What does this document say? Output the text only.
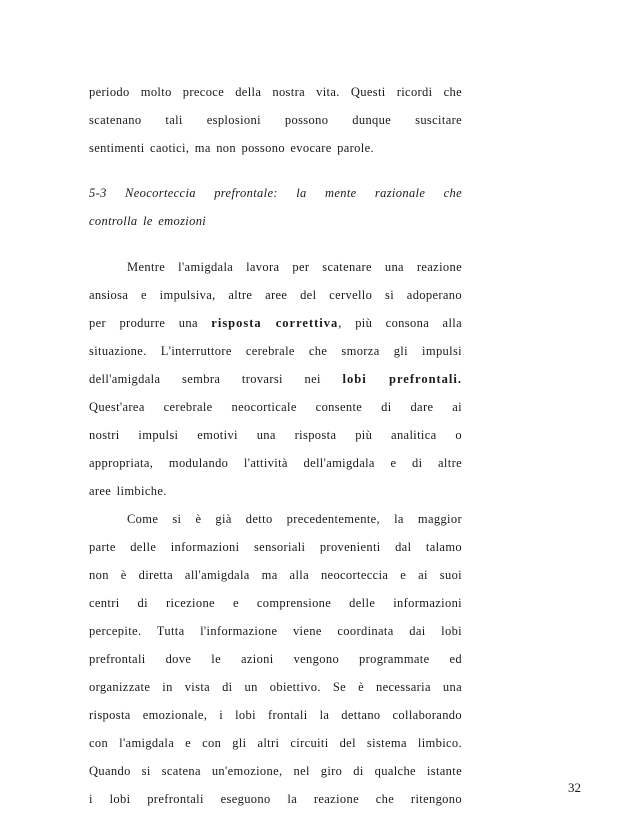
periodo molto precoce della nostra vita. Questi ricordi che
scatenano tali esplosioni possono dunque suscitare
sentimenti caotici, ma non possono evocare parole.
5-3 Neocorteccia prefrontale: la mente razionale che
controlla le emozioni
Mentre l'amigdala lavora per scatenare una reazione
ansiosa e impulsiva, altre aree del cervello si adoperano
per produrre una risposta correttiva, più consona alla
situazione. L'interruttore cerebrale che smorza gli impulsi
dell'amigdala sembra trovarsi nei lobi prefrontali.
Quest'area cerebrale neocorticale consente di dare ai
nostri impulsi emotivi una risposta più analitica o
appropriata, modulando l'attività dell'amigdala e di altre
aree limbiche.
Come si è già detto precedentemente, la maggior
parte delle informazioni sensoriali provenienti dal talamo
non è diretta all'amigdala ma alla neocorteccia e ai suoi
centri di ricezione e comprensione delle informazioni
percepite. Tutta l'informazione viene coordinata dai lobi
prefrontali dove le azioni vengono programmate ed
organizzate in vista di un obiettivo. Se è necessaria una
risposta emozionale, i lobi frontali la dettano collaborando
con l'amigdala e con gli altri circuiti del sistema limbico.
Quando si scatena un'emozione, nel giro di qualche istante
i lobi prefrontali eseguono la reazione che ritengono
32
